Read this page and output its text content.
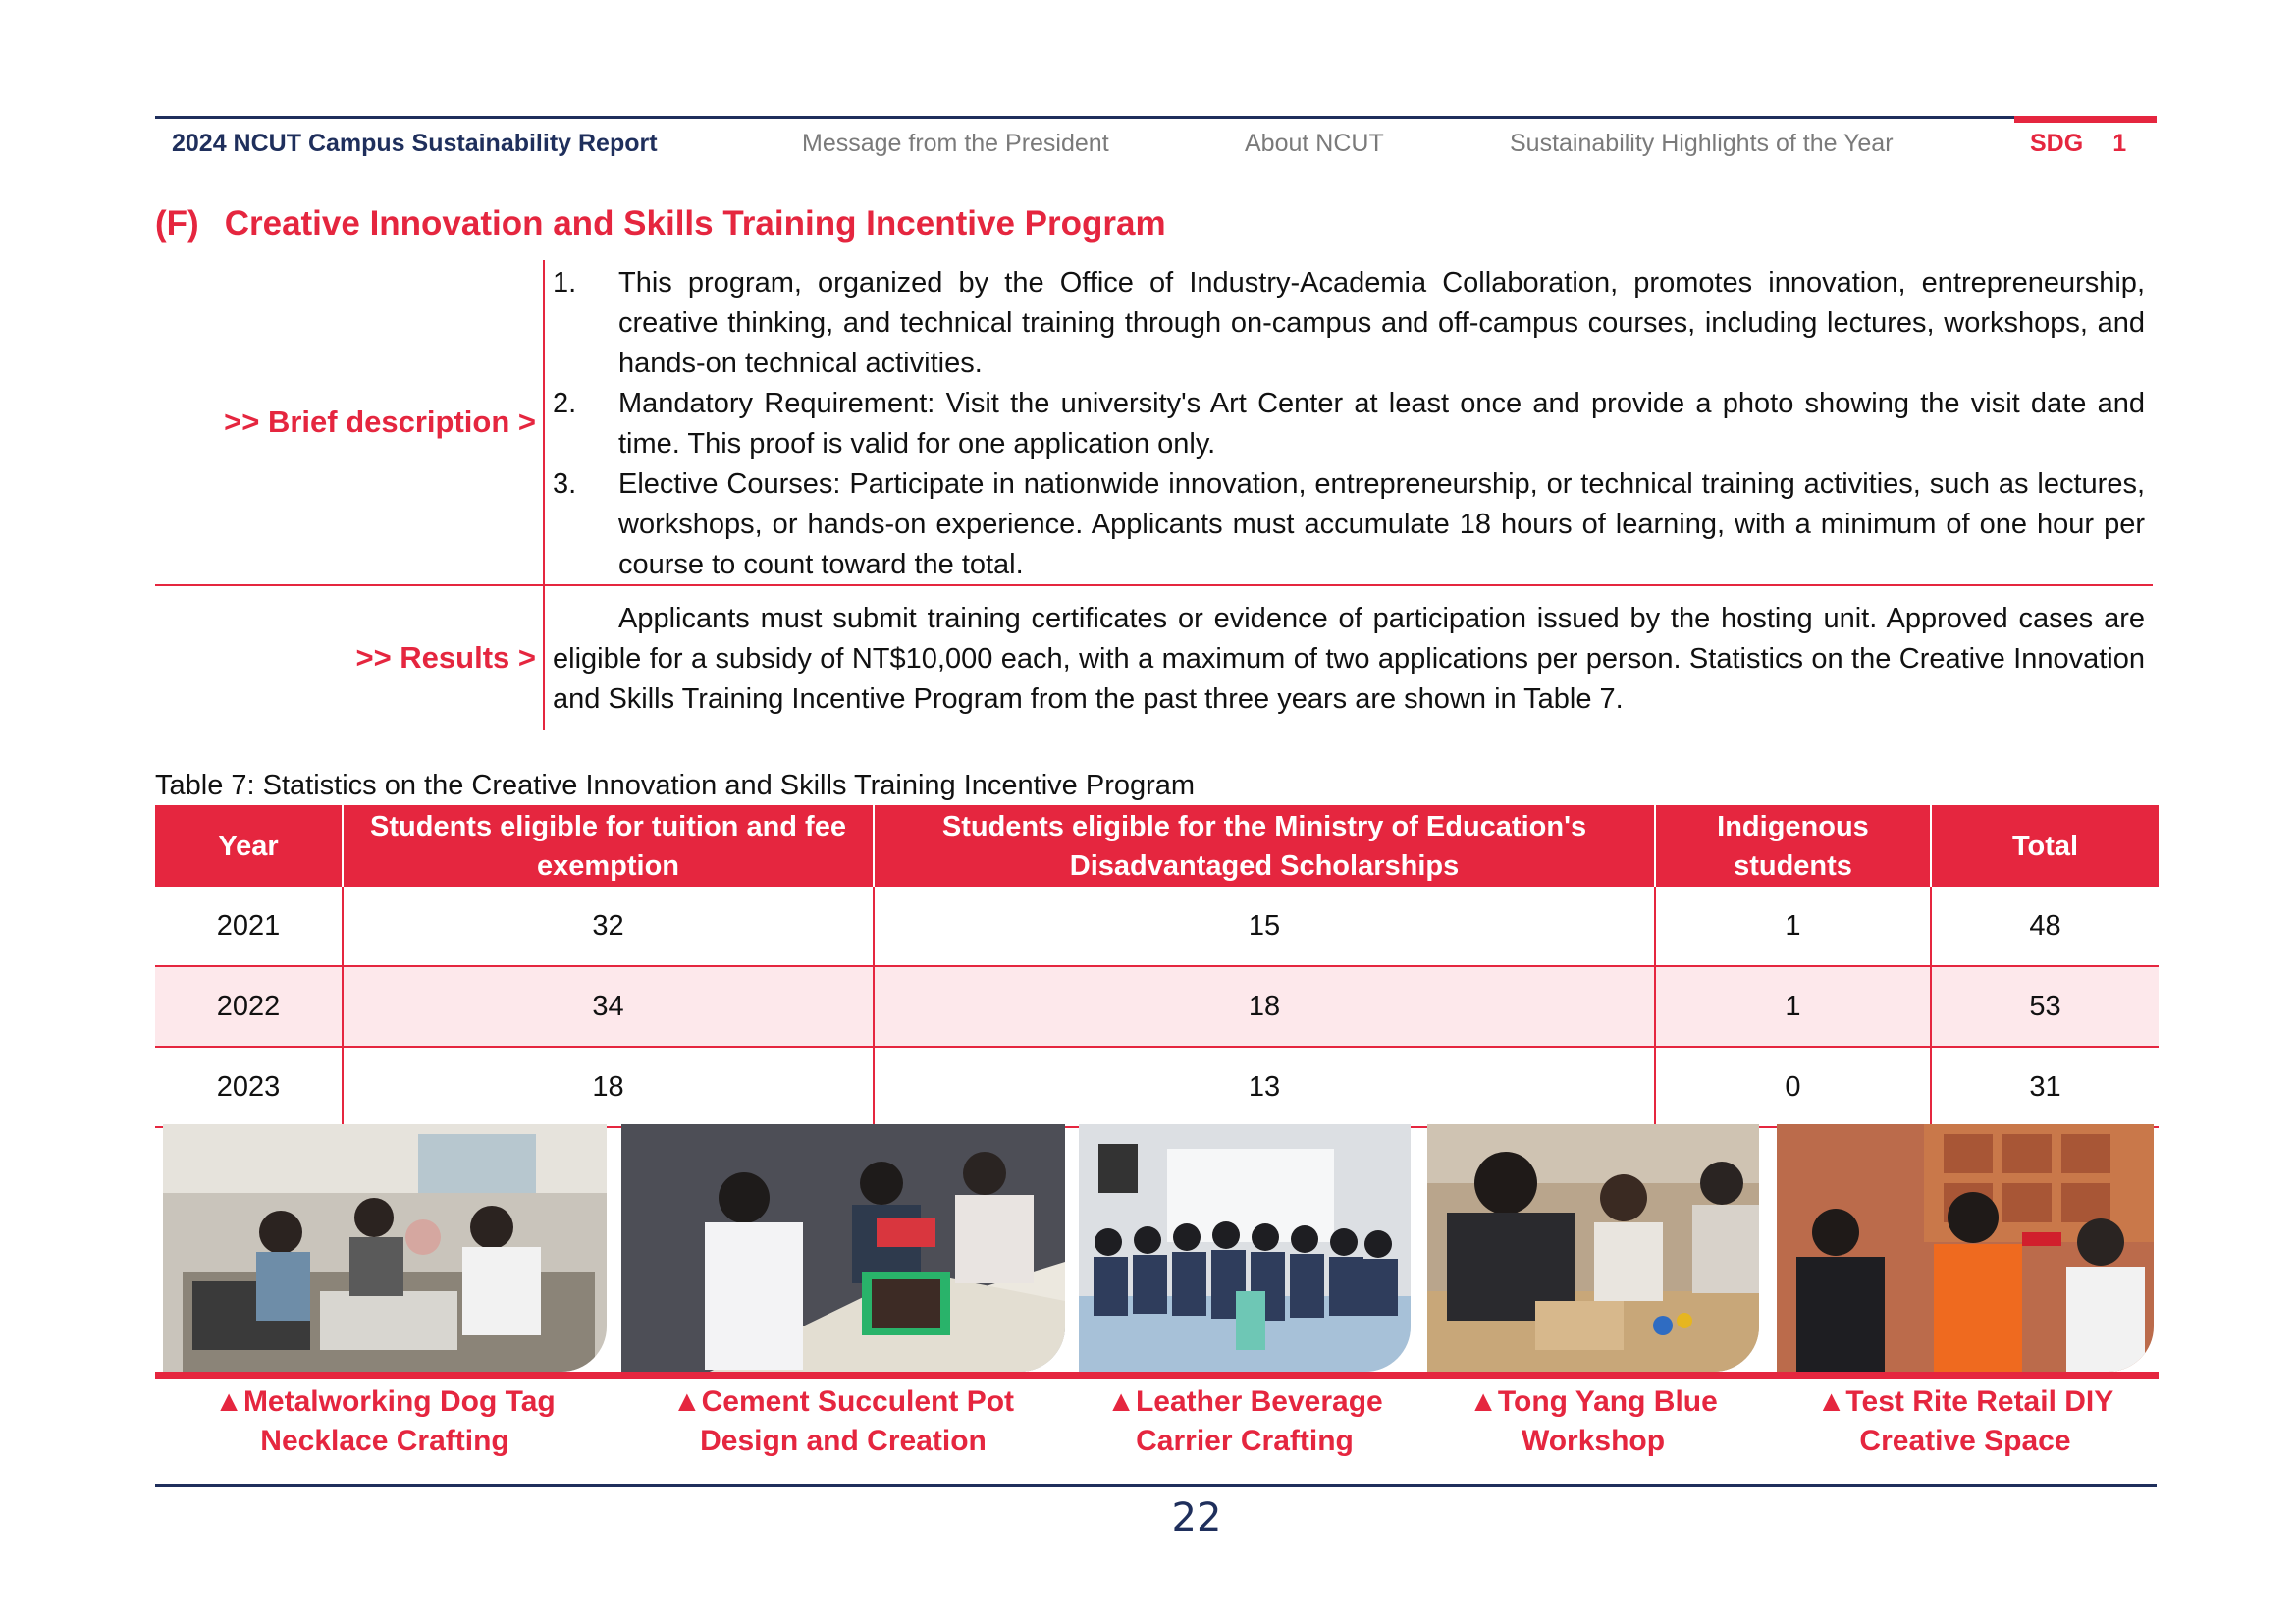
2024 NCUT Campus Sustainability Report	Message from the President	About NCUT	Sustainability Highlights of the Year	SDG 1
(F) Creative Innovation and Skills Training Incentive Program
>> Brief description >
1. This program, organized by the Office of Industry-Academia Collaboration, promotes innovation, entrepreneurship, creative thinking, and technical training through on-campus and off-campus courses, including lectures, workshops, and hands-on technical activities.
2. Mandatory Requirement: Visit the university's Art Center at least once and provide a photo showing the visit date and time. This proof is valid for one application only.
3. Elective Courses: Participate in nationwide innovation, entrepreneurship, or technical training activities, such as lectures, workshops, or hands-on experience. Applicants must accumulate 18 hours of learning, with a minimum of one hour per course to count toward the total.
>> Results >
Applicants must submit training certificates or evidence of participation issued by the hosting unit. Approved cases are eligible for a subsidy of NT$10,000 each, with a maximum of two applications per person. Statistics on the Creative Innovation and Skills Training Incentive Program from the past three years are shown in Table 7.
Table 7: Statistics on the Creative Innovation and Skills Training Incentive Program
Year	Students eligible for tuition and fee exemption	Students eligible for the Ministry of Education's Disadvantaged Scholarships	Indigenous students	Total
2021	32	15	1	48
2022	34	18	1	53
2023	18	13	0	31
▲Metalworking Dog Tag Necklace Crafting
▲Cement Succulent Pot Design and Creation
▲Leather Beverage Carrier Crafting
▲Tong Yang Blue Workshop
▲Test Rite Retail DIY Creative Space
22
